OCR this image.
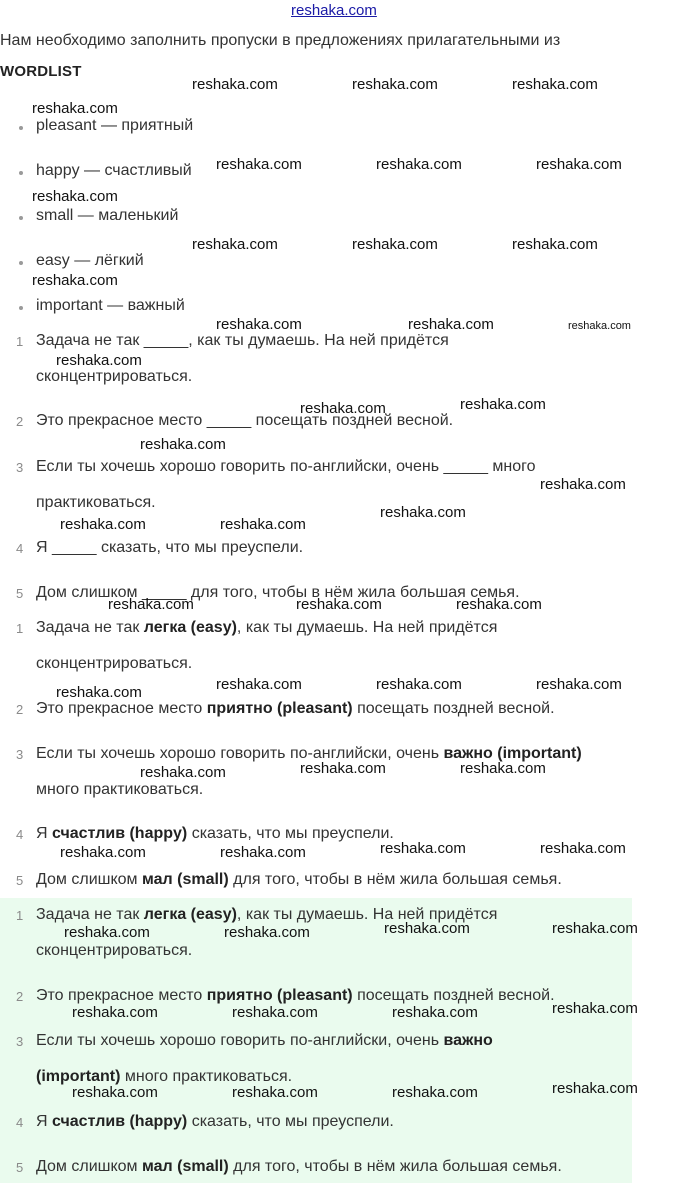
reshaka.com
Нам необходимо заполнить пропуски в предложениях прилагательными из
WORDLIST
pleasant — приятный
happy — счастливый
small — маленький
easy — лёгкий
important — важный
1 Задача не так _____, как ты думаешь. На ней придётся
сконцентрироваться.
2 Это прекрасное место _____ посещать поздней весной.
3 Если ты хочешь хорошо говорить по-английски, очень _____ много
практиковаться.
4 Я _____ сказать, что мы преуспели.
5 Дом слишком _____ для того, чтобы в нём жила большая семья.
1 Задача не так легка (easy), как ты думаешь. На ней придётся
сконцентрироваться.
2 Это прекрасное место приятно (pleasant) посещать поздней весной.
3 Если ты хочешь хорошо говорить по-английски, очень важно (important)
много практиковаться.
4 Я счастлив (happy) сказать, что мы преуспели.
5 Дом слишком мал (small) для того, чтобы в нём жила большая семья.
1 Задача не так легка (easy), как ты думаешь. На ней придётся
сконцентрироваться.
2 Это прекрасное место приятно (pleasant) посещать поздней весной.
3 Если ты хочешь хорошо говорить по-английски, очень важно
(important) много практиковаться.
4 Я счастлив (happy) сказать, что мы преуспели.
5 Дом слишком мал (small) для того, чтобы в нём жила большая семья.
reshaka.com	reshaka.com	reshaka.com
reshaka.com
reshaka.com	reshaka.com	reshaka.com
reshaka.com
reshaka.com	reshaka.com	reshaka.com
reshaka.com
reshaka.com	reshaka.com	reshaka.com
reshaka.com
reshaka.com
reshaka.com
reshaka.com
reshaka.com
reshaka.com
reshaka.com	reshaka.com
reshaka.com	reshaka.com	reshaka.com
reshaka.com	reshaka.com	reshaka.com
reshaka.com
reshaka.com	reshaka.com
reshaka.com
reshaka.com	reshaka.com
reshaka.com	reshaka.com
reshaka.com	reshaka.com
reshaka.com	reshaka.com
reshaka.com
reshaka.com	reshaka.com	reshaka.com
reshaka.com
reshaka.com	reshaka.com	reshaka.com
